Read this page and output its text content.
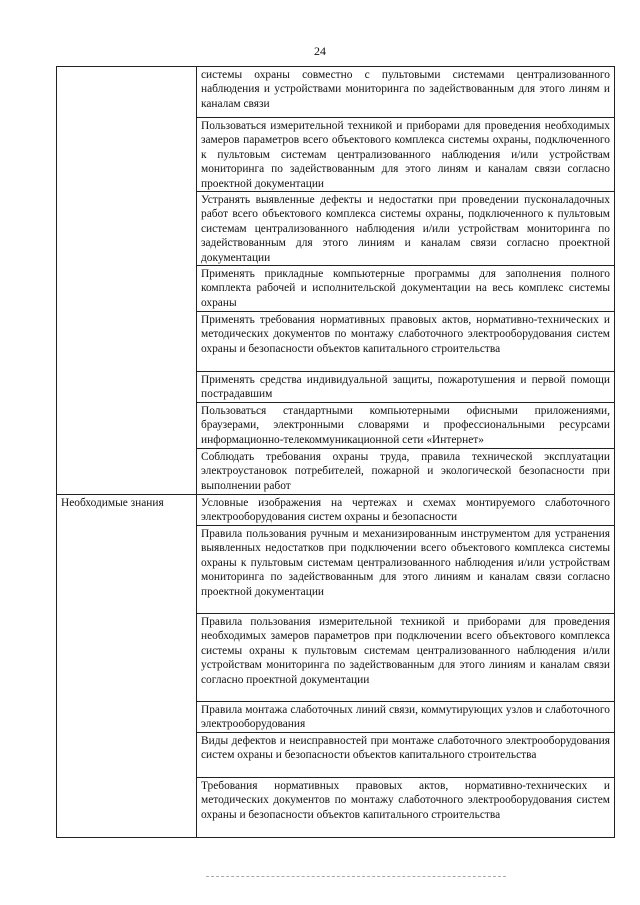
24
	системы охраны совместно с пультовыми системами централизованного наблюдения и устройствами мониторинга по задействованным для этого линям и каналам связи
	Пользоваться измерительной техникой и приборами для проведения необходимых замеров параметров всего объектового комплекса системы охраны, подключенного к пультовым системам централизованного наблюдения и/или устройствам мониторинга по задействованным для этого линям и каналам связи согласно проектной документации
	Устранять выявленные дефекты и недостатки при проведении пусконаладочных работ всего объектового комплекса системы охраны, подключенного к пультовым системам централизованного наблюдения и/или устройствам мониторинга по задействованным для этого линиям и каналам связи согласно проектной документации
	Применять прикладные компьютерные программы для заполнения полного комплекта рабочей и исполнительской документации на весь комплекс системы охраны
	Применять требования нормативных правовых актов, нормативно-технических и методических документов по монтажу слаботочного электрооборудования систем охраны и безопасности объектов капитального строительства
	Применять средства индивидуальной защиты, пожаротушения и первой помощи пострадавшим
	Пользоваться стандартными компьютерными офисными приложениями, браузерами, электронными словарями и профессиональными ресурсами информационно-телекоммуникационной сети «Интернет»
	Соблюдать требования охраны труда, правила технической эксплуатации электроустановок потребителей, пожарной и экологической безопасности при выполнении работ
Необходимые знания	Условные изображения на чертежах и схемах монтируемого слаботочного электрооборудования систем охраны и безопасности
	Правила пользования ручным и механизированным инструментом для устранения выявленных недостатков при подключении всего объектового комплекса системы охраны к пультовым системам централизованного наблюдения и/или устройствам мониторинга по задействованным для этого линиям и каналам связи согласно проектной документации
	Правила пользования измерительной техникой и приборами для проведения необходимых замеров параметров при подключении всего объектового комплекса системы охраны к пультовым системам централизованного наблюдения и/или устройствам мониторинга по задействованным для этого линиям и каналам связи согласно проектной документации
	Правила монтажа слаботочных линий связи, коммутирующих узлов и слаботочного электрооборудования
	Виды дефектов и неисправностей при монтаже слаботочного электрооборудования систем охраны и безопасности объектов капитального строительства
	Требования нормативных правовых актов, нормативно-технических и методических документов по монтажу слаботочного электрооборудования систем охраны и безопасности объектов капитального строительства
